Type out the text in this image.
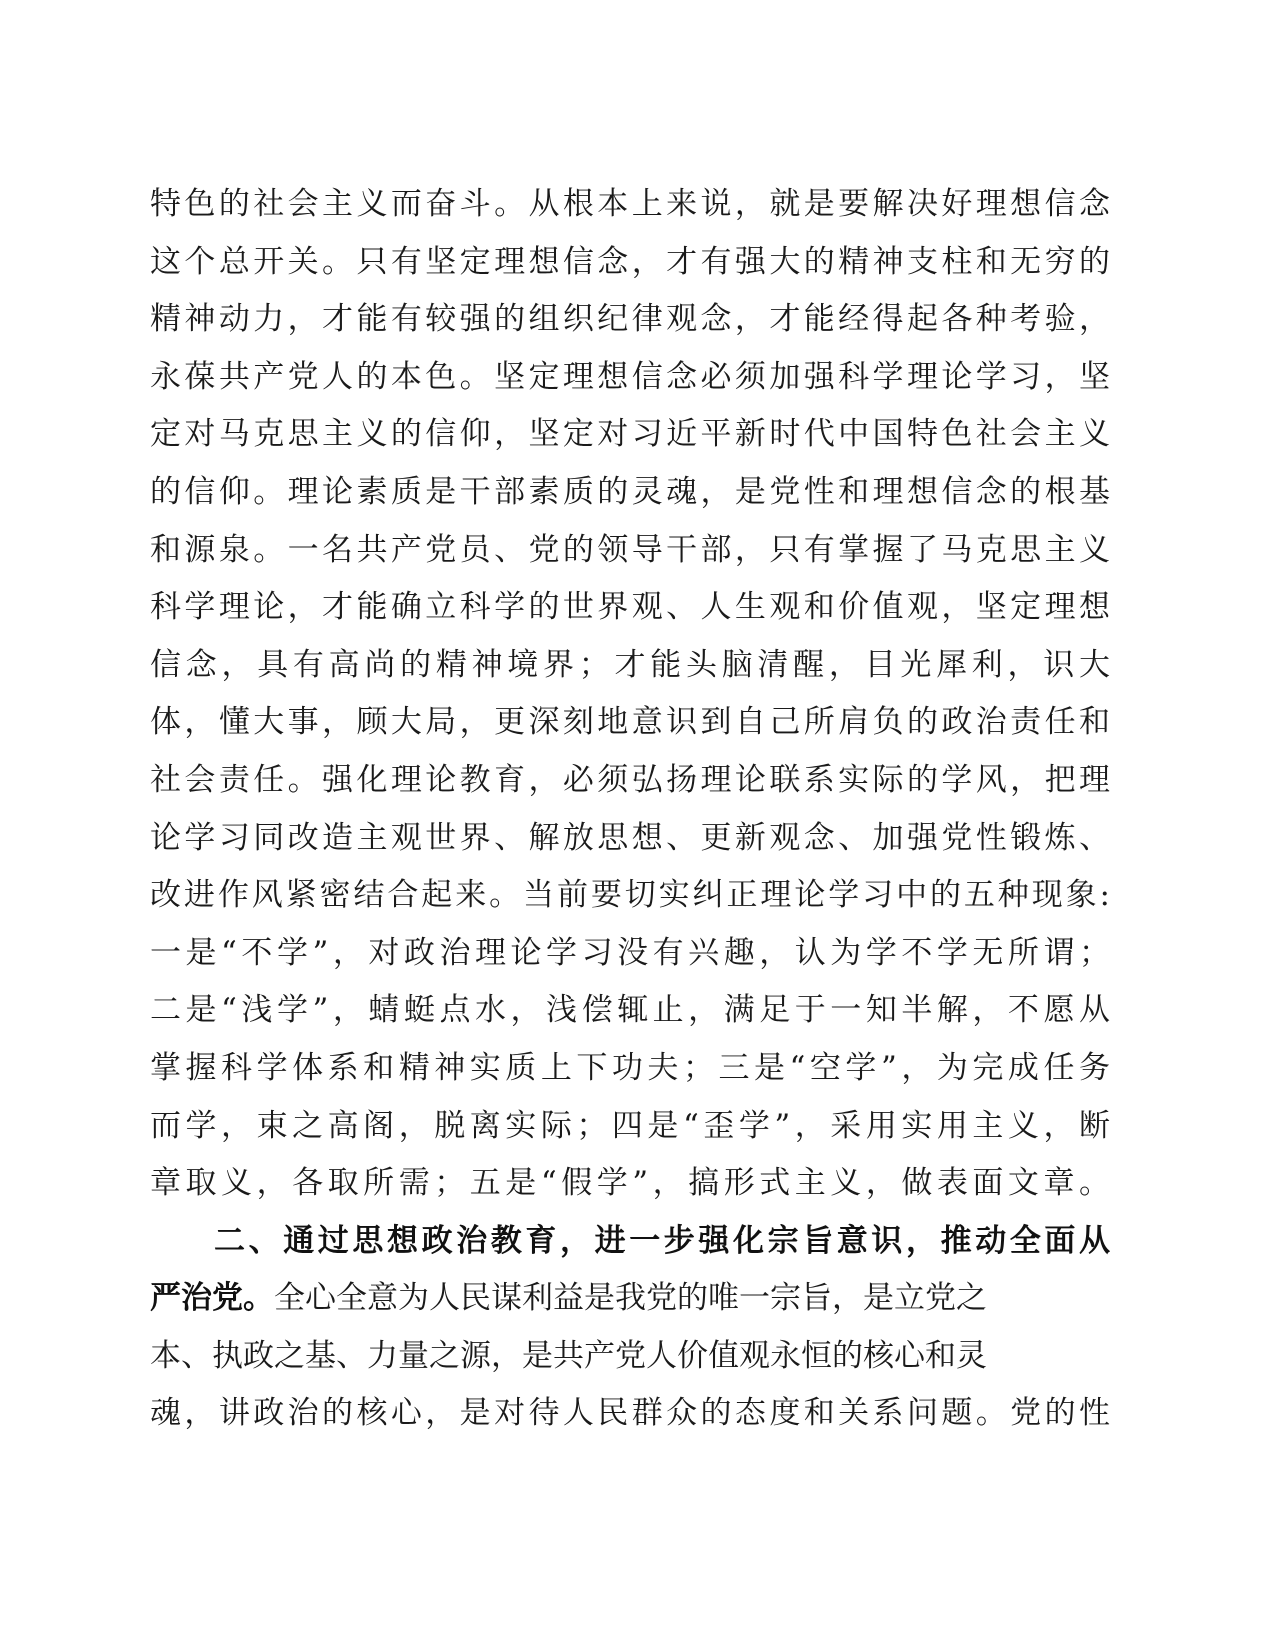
特色的社会主义而奋斗。从根本上来说，就是要解决好理想信念
这个总开关。只有坚定理想信念，才有强大的精神支柱和无穷的
精神动力，才能有较强的组织纪律观念，才能经得起各种考验，
永葆共产党人的本色。坚定理想信念必须加强科学理论学习，坚
定对马克思主义的信仰，坚定对习近平新时代中国特色社会主义
的信仰。理论素质是干部素质的灵魂，是党性和理想信念的根基
和源泉。一名共产党员、党的领导干部，只有掌握了马克思主义
科学理论，才能确立科学的世界观、人生观和价值观，坚定理想
信念，具有高尚的精神境界；才能头脑清醒，目光犀利，识大
体，懂大事，顾大局，更深刻地意识到自己所肩负的政治责任和
社会责任。强化理论教育，必须弘扬理论联系实际的学风，把理
论学习同改造主观世界、解放思想、更新观念、加强党性锻炼、
改进作风紧密结合起来。当前要切实纠正理论学习中的五种现象:
一是“不学”，对政治理论学习没有兴趣，认为学不学无所谓；
二是“浅学”，蜻蜓点水，浅偿辄止，满足于一知半解，不愿从
掌握科学体系和精神实质上下功夫；三是“空学”，为完成任务
而学，束之高阁，脱离实际；四是“歪学”，采用实用主义，断
章取义，各取所需；五是“假学”，搞形式主义，做表面文章。
二、通过思想政治教育，进一步强化宗旨意识，推动全面从
严治党。全心全意为人民谋利益是我党的唯一宗旨，是立党之
本、执政之基、力量之源，是共产党人价值观永恒的核心和灵
魂，讲政治的核心，是对待人民群众的态度和关系问题。党的性
